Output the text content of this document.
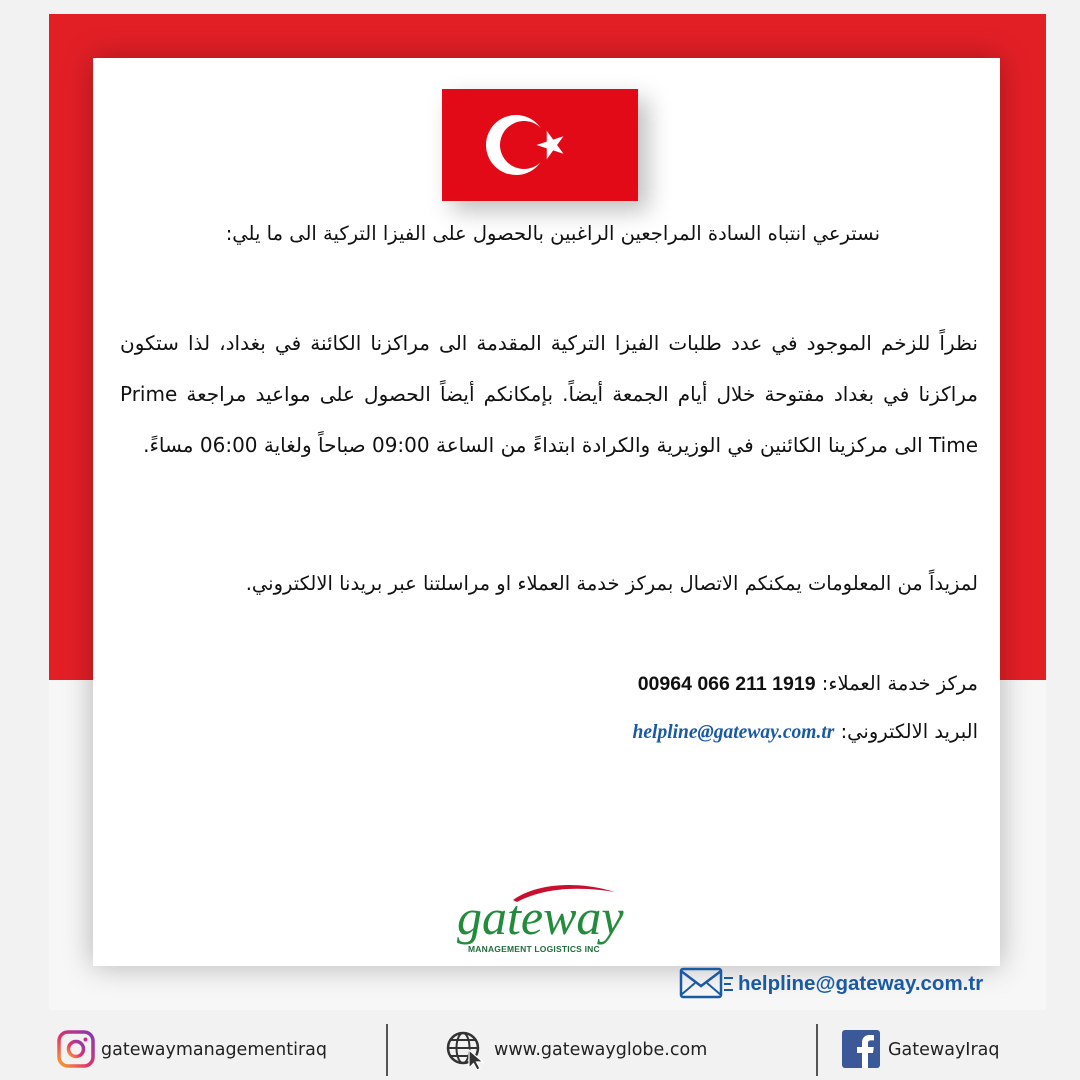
نسترعي انتباه السادة المراجعين الراغبين بالحصول على الفيزا التركية الى ما يلي:
نظراً للزخم الموجود في عدد طلبات الفيزا التركية المقدمة الى مراكزنا الكائنة في بغداد، لذا ستكون مراكزنا في بغداد مفتوحة خلال أيام الجمعة أيضاً. بإمكانكم أيضاً الحصول على مواعيد مراجعة Prime Time الى مركزينا الكائنين في الوزيرية والكرادة ابتداءً من الساعة 09:00 صباحاً ولغاية 06:00 مساءً.
لمزيداً من المعلومات يمكنكم الاتصال بمركز خدمة العملاء او مراسلتنا عبر بريدنا الالكتروني.
مركز خدمة العملاء: 00964 066 211 1919
البريد الالكتروني: helpline@gateway.com.tr
gateway
MANAGEMENT LOGISTICS INC
helpline@gateway.com.tr
gatewaymanagementiraq	www.gatewayglobe.com	GatewayIraq
